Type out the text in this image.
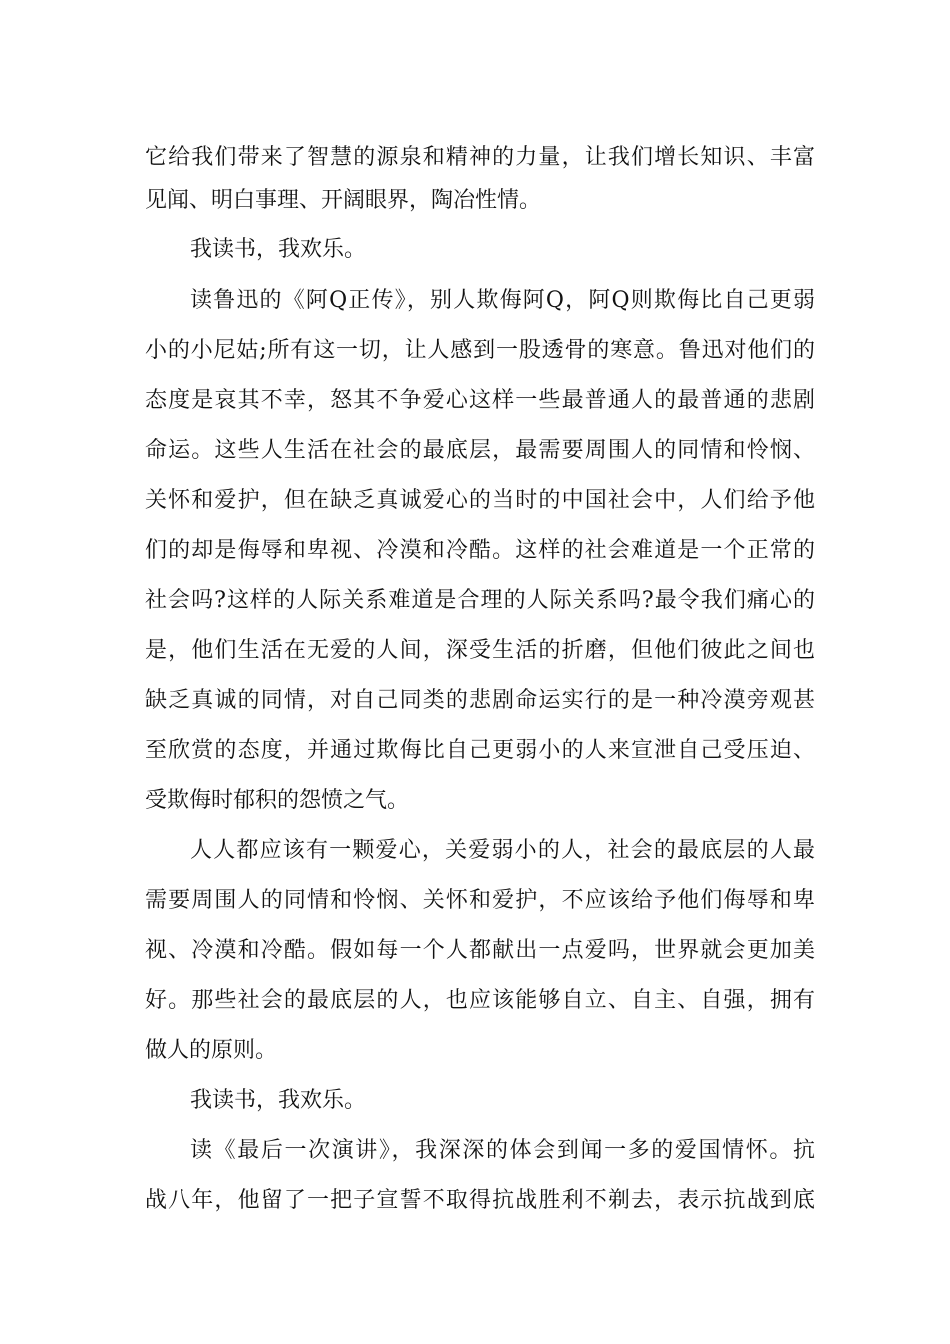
它给我们带来了智慧的源泉和精神的力量，让我们增长知识、丰富
见闻、明白事理、开阔眼界，陶冶性情。
我读书，我欢乐。
读鲁迅的《阿Q正传》，别人欺侮阿Q，阿Q则欺侮比自己更弱
小的小尼姑;所有这一切，让人感到一股透骨的寒意。鲁迅对他们的
态度是哀其不幸，怒其不争爱心这样一些最普通人的最普通的悲剧
命运。这些人生活在社会的最底层，最需要周围人的同情和怜悯、
关怀和爱护，但在缺乏真诚爱心的当时的中国社会中，人们给予他
们的却是侮辱和卑视、冷漠和冷酷。这样的社会难道是一个正常的
社会吗?这样的人际关系难道是合理的人际关系吗?最令我们痛心的
是，他们生活在无爱的人间，深受生活的折磨，但他们彼此之间也
缺乏真诚的同情，对自己同类的悲剧命运实行的是一种冷漠旁观甚
至欣赏的态度，并通过欺侮比自己更弱小的人来宣泄自己受压迫、
受欺侮时郁积的怨愤之气。
人人都应该有一颗爱心，关爱弱小的人，社会的最底层的人最
需要周围人的同情和怜悯、关怀和爱护，不应该给予他们侮辱和卑
视、冷漠和冷酷。假如每一个人都献出一点爱吗，世界就会更加美
好。那些社会的最底层的人，也应该能够自立、自主、自强，拥有
做人的原则。
我读书，我欢乐。
读《最后一次演讲》，我深深的体会到闻一多的爱国情怀。抗
战八年，他留了一把子宣誓不取得抗战胜利不剃去，表示抗战到底
